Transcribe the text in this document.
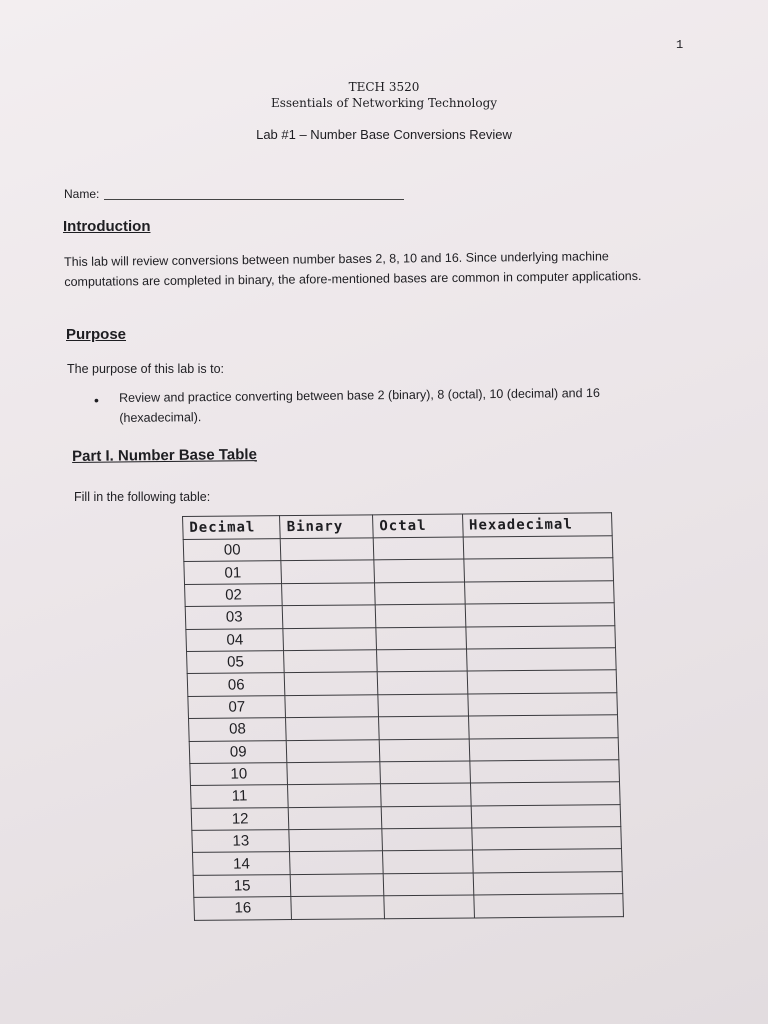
1
TECH 3520
Essentials of Networking Technology
Lab #1 – Number Base Conversions Review
Name:
Introduction
This lab will review conversions between number bases 2, 8, 10 and 16. Since underlying machine computations are completed in binary, the afore-mentioned bases are common in computer applications.
Purpose
The purpose of this lab is to:
• Review and practice converting between base 2 (binary), 8 (octal), 10 (decimal) and 16 (hexadecimal).
Part I. Number Base Table
Fill in the following table:
Decimal	Binary	Octal	Hexadecimal
00			
01			
02			
03			
04			
05			
06			
07			
08			
09			
10			
11			
12			
13			
14			
15			
16			
